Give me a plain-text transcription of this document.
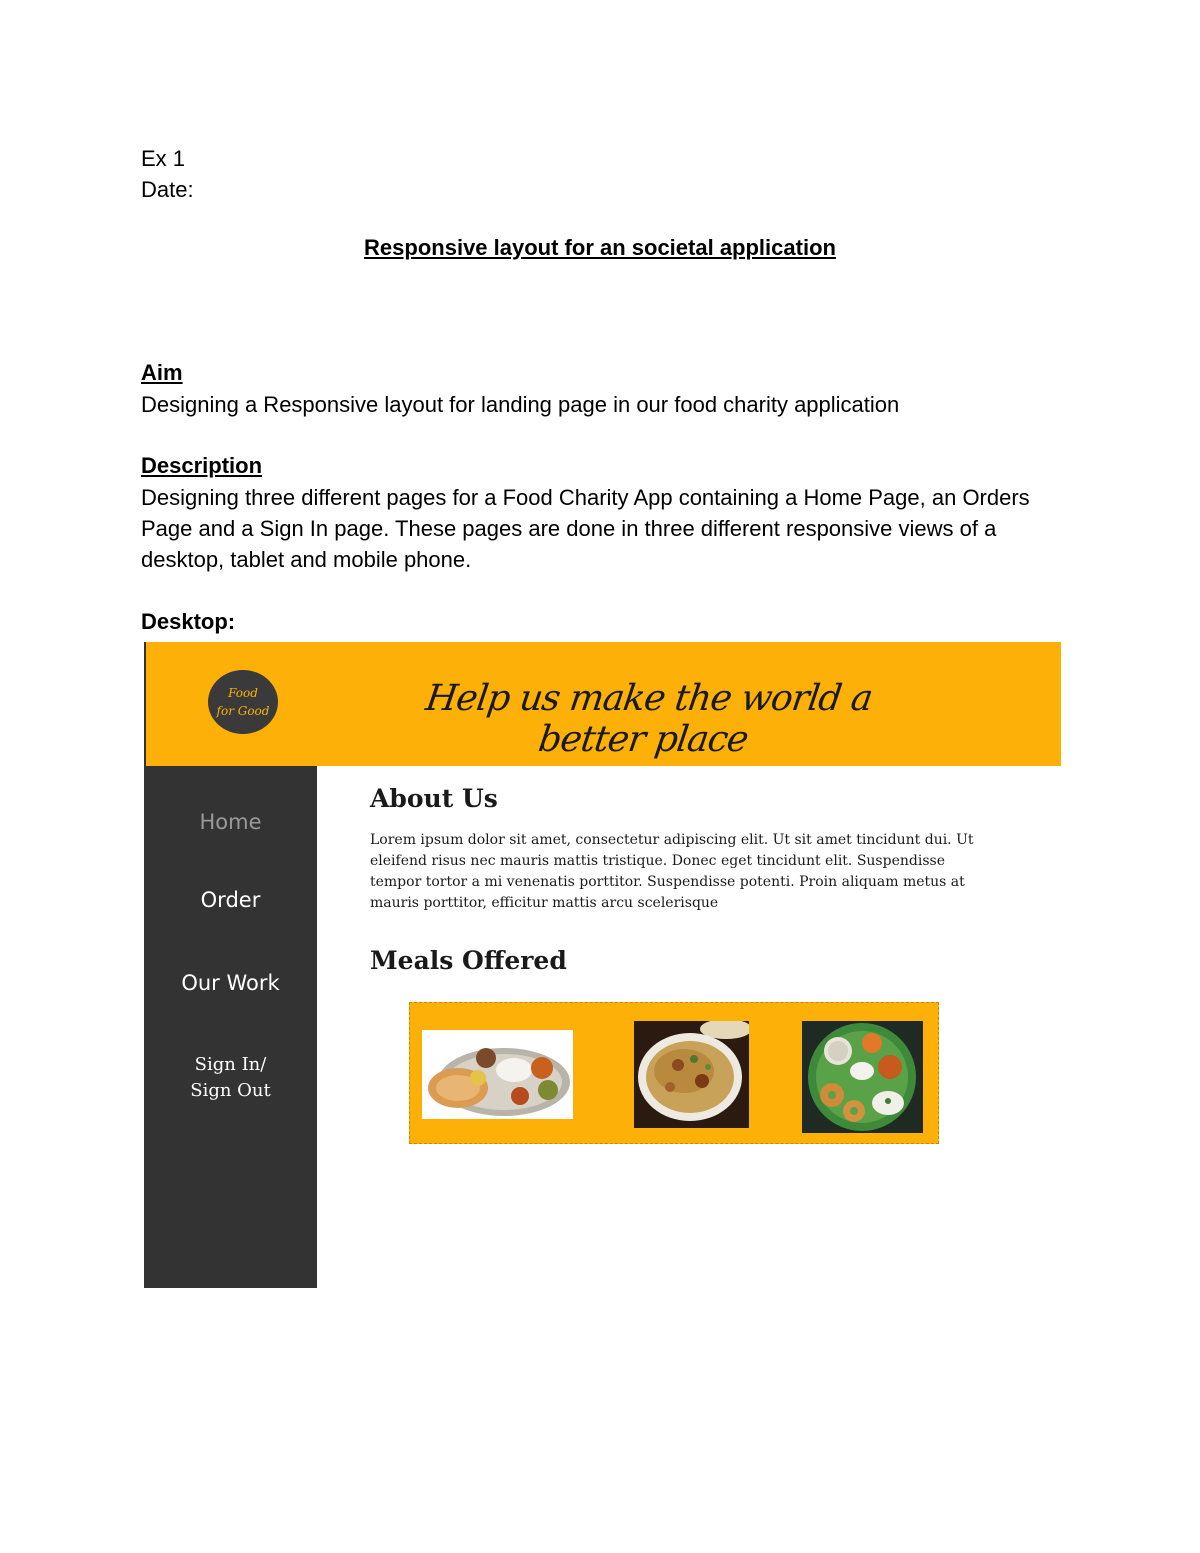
Ex 1
Date:
Responsive layout for an societal application
Aim
Designing a Responsive layout for landing page in our food charity application
Description
Designing three different pages for a Food Charity App containing a Home Page, an Orders Page and a Sign In page. These pages are done in three different responsive views of a desktop, tablet and mobile phone.
Desktop:
Food
for Good	Help us make the world a better place
Home
Order
Our Work
Sign In/
Sign Out
About Us
Lorem ipsum dolor sit amet, consectetur adipiscing elit. Ut sit amet tincidunt dui. Ut eleifend risus nec mauris mattis tristique. Donec eget tincidunt elit. Suspendisse tempor tortor a mi venenatis porttitor. Suspendisse potenti. Proin aliquam metus at mauris porttitor, efficitur mattis arcu scelerisque
Meals Offered
